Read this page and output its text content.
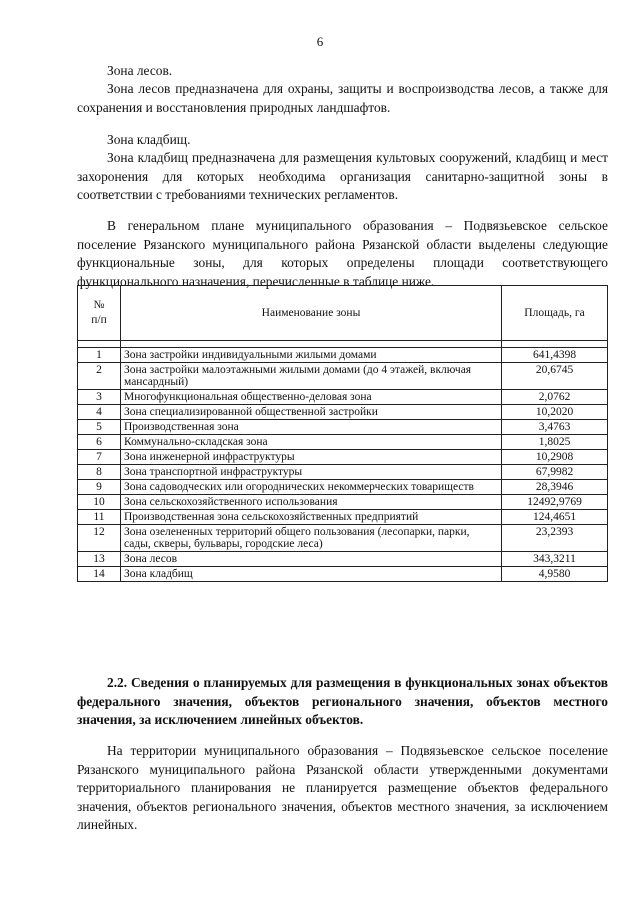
6

Зона лесов.

Зона лесов предназначена для охраны, защиты и воспроизводства лесов, а также для сохранения и восстановления природных ландшафтов.

Зона кладбищ.

Зона кладбищ предназначена для размещения культовых сооружений, кладбищ и мест захоронения для которых необходима организация санитарно-защитной зоны в соответствии с требованиями технических регламентов.

В генеральном плане муниципального образования – Подвязьевское сельское поселение Рязанского муниципального района Рязанской области выделены следующие функциональные зоны, для которых определены площади соответствующего функционального назначения, перечисленные в таблице ниже.

№
п/п	Наименование зоны	Площадь, га

1	Зона застройки индивидуальными жилыми домами	641,4398
2	Зона застройки малоэтажными жилыми домами (до 4 этажей, включая мансардный)	20,6745
3	Многофункциональная общественно-деловая зона	2,0762
4	Зона специализированной общественной застройки	10,2020
5	Производственная зона	3,4763
6	Коммунально-складская зона	1,8025
7	Зона инженерной инфраструктуры	10,2908
8	Зона транспортной инфраструктуры	67,9982
9	Зона садоводческих или огороднических некоммерческих товариществ	28,3946
10	Зона сельскохозяйственного использования	12492,9769
11	Производственная зона сельскохозяйственных предприятий	124,4651
12	Зона озелененных территорий общего пользования (лесопарки, парки, сады, скверы, бульвары, городские леса)	23,2393
13	Зона лесов	343,3211
14	Зона кладбищ	4,9580

2.2. Сведения о планируемых для размещения в функциональных зонах объектов федерального значения, объектов регионального значения, объектов местного значения, за исключением линейных объектов.

На территории муниципального образования – Подвязьевское сельское поселение Рязанского муниципального района Рязанской области утвержденными документами территориального планирования не планируется размещение объектов федерального значения, объектов регионального значения, объектов местного значения, за исключением линейных.
